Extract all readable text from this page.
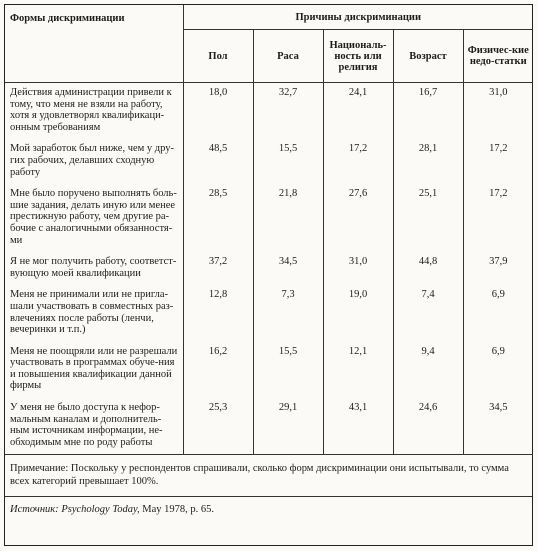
Формы дискриминации	Причины дискриминации				
	Пол	Раса	Националь-ность или религия	Возраст	Физичес-кие недо-статки
Действия администрации привели к тому, что меня не взяли на работу, хотя я удовлетворял квалификаци-онным требованиям	18,0	32,7	24,1	16,7	31,0
Мой заработок был ниже, чем у дру-гих рабочих, делавших сходную работу	48,5	15,5	17,2	28,1	17,2
Мне было поручено выполнять боль-шие задания, делать иную или менее престижную работу, чем другие ра-бочие с аналогичными обязанностя-ми	28,5	21,8	27,6	25,1	17,2
Я не мог получить работу, соответст-вующую моей квалификации	37,2	34,5	31,0	44,8	37,9
Меня не принимали или не пригла-шали участвовать в совместных раз-влечениях после работы (ленчи, вечеринки и т.п.)	12,8	7,3	19,0	7,4	6,9
Меня не поощряли или не разрешали участвовать в программах обуче-ния и повышения квалификации данной фирмы	16,2	15,5	12,1	9,4	6,9
У меня не было доступа к нефор-мальным каналам и дополнитель-ным источникам информации, не-обходимым мне по роду работы	25,3	29,1	43,1	24,6	34,5
Примечание: Поскольку у респондентов спрашивали, сколько форм дискриминации они испытывали, то сумма всех категорий превышает 100%.
Источник: Psychology Today, May 1978, p. 65.
